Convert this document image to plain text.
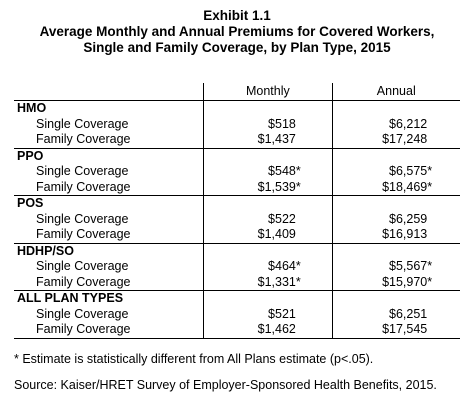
Exhibit 1.1
Average Monthly and Annual Premiums for Covered Workers,
Single and Family Coverage, by Plan Type, 2015
	Monthly	Annual
HMO		
Single Coverage	$518	$6,212
Family Coverage	$1,437	$17,248
PPO		
Single Coverage	$548*	$6,575*
Family Coverage	$1,539*	$18,469*
POS		
Single Coverage	$522	$6,259
Family Coverage	$1,409	$16,913
HDHP/SO		
Single Coverage	$464*	$5,567*
Family Coverage	$1,331*	$15,970*
ALL PLAN TYPES		
Single Coverage	$521	$6,251
Family Coverage	$1,462	$17,545
* Estimate is statistically different from All Plans estimate (p<.05).
Source: Kaiser/HRET Survey of Employer-Sponsored Health Benefits, 2015.
